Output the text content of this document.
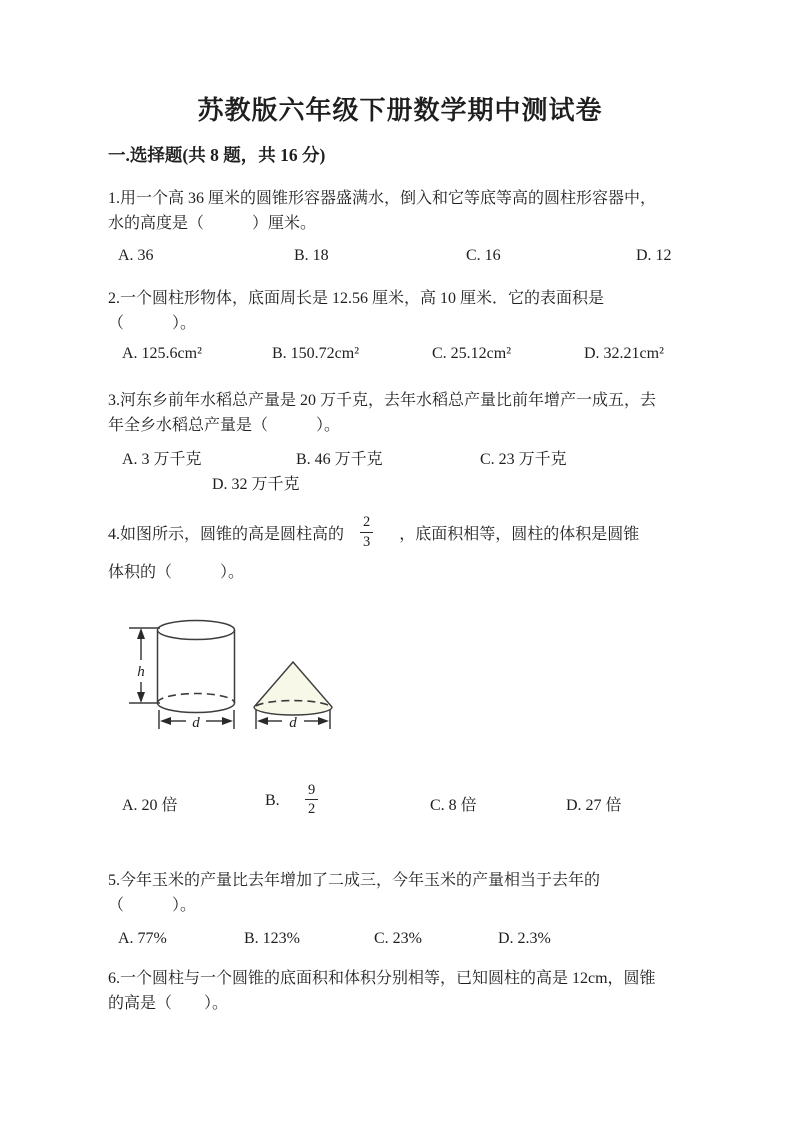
苏教版六年级下册数学期中测试卷
一.选择题(共 8 题，共 16 分)
1.用一个高 36 厘米的圆锥形容器盛满水，倒入和它等底等高的圆柱形容器中，
水的高度是（　　　）厘米。
A. 36	B. 18	C. 16	D. 12
2.一个圆柱形物体，底面周长是 12.56 厘米，高 10 厘米．它的表面积是
（　　　）。
A. 125.6cm²	B. 150.72cm²	C. 25.12cm²	D. 32.21cm²
3.河东乡前年水稻总产量是 20 万千克，去年水稻总产量比前年增产一成五，去
年全乡水稻总产量是（　　　）。
A. 3 万千克	B. 46 万千克	C. 23 万千克
D. 32 万千克
4.如图所示，圆锥的高是圆柱高的 $\frac{2}{3}$ ，底面积相等，圆柱的体积是圆锥
体积的（　　　）。
h
d	d
A. 20 倍	B.
9
2	C. 8 倍	D. 27 倍
5.今年玉米的产量比去年增加了二成三，今年玉米的产量相当于去年的
（　　　）。
A. 77%	B. 123%	C. 23%	D. 2.3%
6.一个圆柱与一个圆锥的底面积和体积分别相等，已知圆柱的高是 12cm，圆锥
的高是（　　）。
